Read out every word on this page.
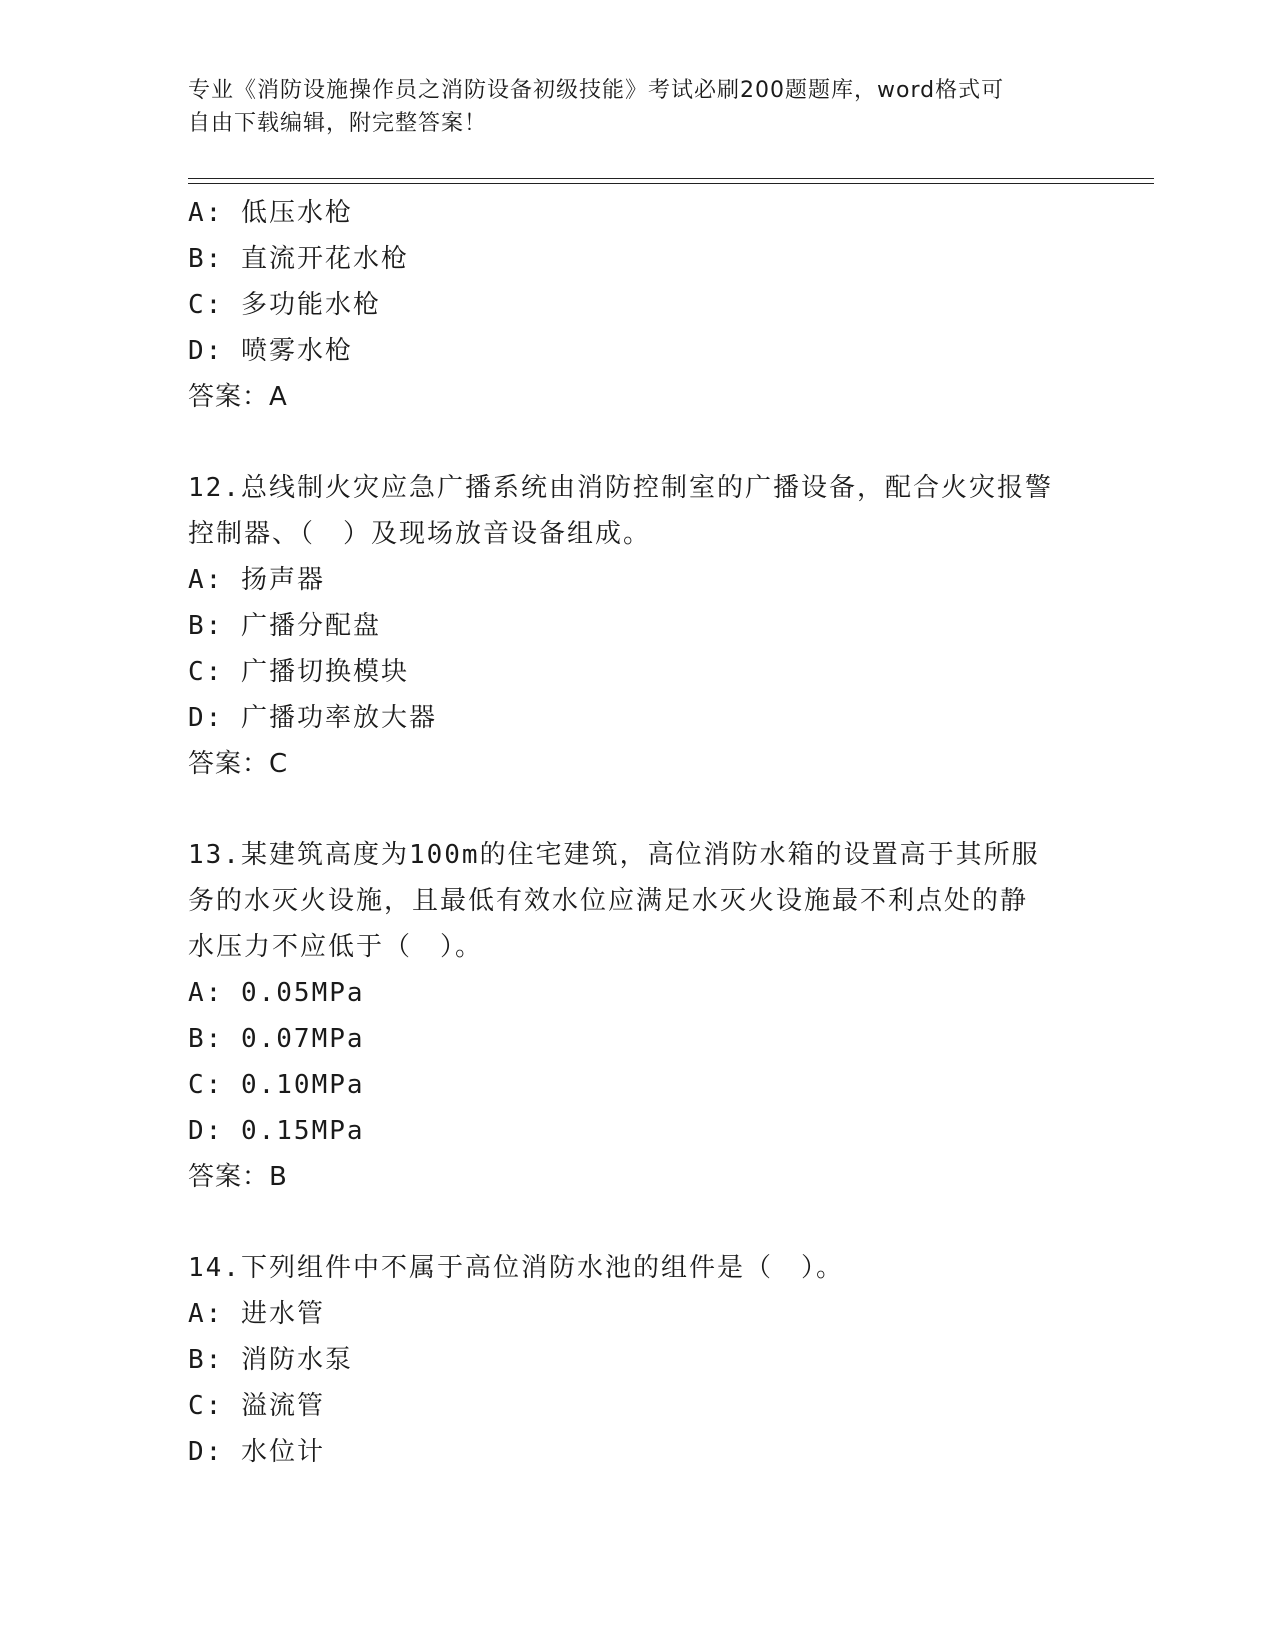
专业《消防设施操作员之消防设备初级技能》考试必刷200题题库，word格式可
自由下载编辑，附完整答案！
A: 低压水枪
B: 直流开花水枪
C: 多功能水枪
D: 喷雾水枪
答案：A
12.总线制火灾应急广播系统由消防控制室的广播设备，配合火灾报警
控制器、（　）及现场放音设备组成。
A: 扬声器
B: 广播分配盘
C: 广播切换模块
D: 广播功率放大器
答案：C
13.某建筑高度为100m的住宅建筑，高位消防水箱的设置高于其所服
务的水灭火设施，且最低有效水位应满足水灭火设施最不利点处的静
水压力不应低于（　）。
A: 0.05MPa
B: 0.07MPa
C: 0.10MPa
D: 0.15MPa
答案：B
14.下列组件中不属于高位消防水池的组件是（　）。
A: 进水管
B: 消防水泵
C: 溢流管
D: 水位计
